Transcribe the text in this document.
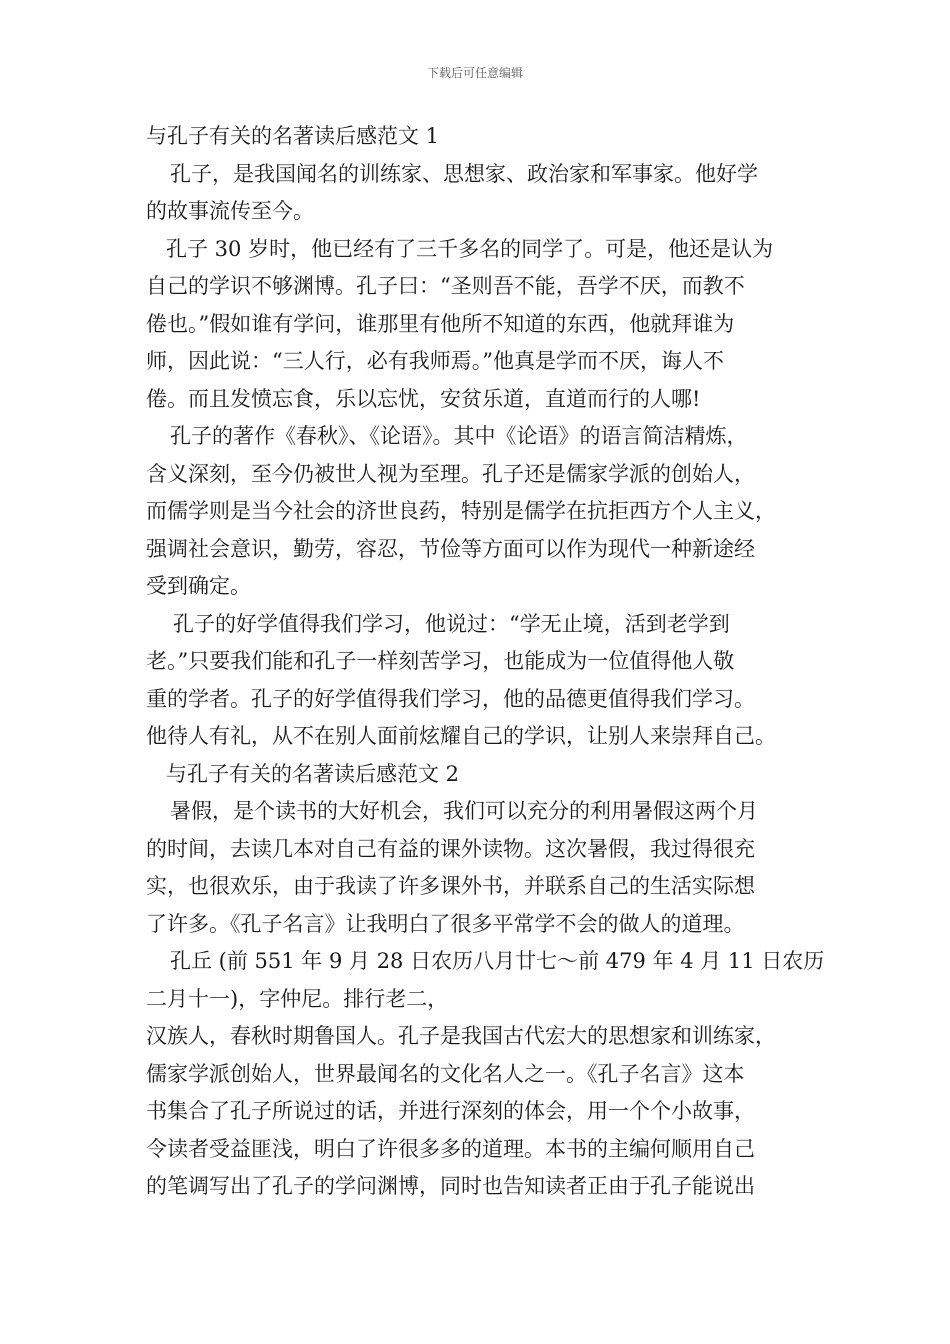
下载后可任意编辑
与孔子有关的名著读后感范文 1
孔子，是我国闻名的训练家、思想家、政治家和军事家。他好学
的故事流传至今。
孔子 30 岁时，他已经有了三千多名的同学了。可是，他还是认为
自己的学识不够渊博。孔子曰：“圣则吾不能，吾学不厌，而教不
倦也。”假如谁有学问，谁那里有他所不知道的东西，他就拜谁为
师，因此说：“三人行，必有我师焉。”他真是学而不厌，诲人不
倦。而且发愤忘食，乐以忘忧，安贫乐道，直道而行的人哪!
孔子的著作《春秋》、《论语》。其中《论语》的语言简洁精炼，
含义深刻，至今仍被世人视为至理。孔子还是儒家学派的创始人，
而儒学则是当今社会的济世良药，特别是儒学在抗拒西方个人主义，
强调社会意识，勤劳，容忍，节俭等方面可以作为现代一种新途经
受到确定。
孔子的好学值得我们学习，他说过：“学无止境，活到老学到
老。”只要我们能和孔子一样刻苦学习，也能成为一位值得他人敬
重的学者。孔子的好学值得我们学习，他的品德更值得我们学习。
他待人有礼，从不在别人面前炫耀自己的学识，让别人来崇拜自己。
与孔子有关的名著读后感范文 2
暑假，是个读书的大好机会，我们可以充分的利用暑假这两个月
的时间，去读几本对自己有益的课外读物。这次暑假，我过得很充
实，也很欢乐，由于我读了许多课外书，并联系自己的生活实际想
了许多。《孔子名言》让我明白了很多平常学不会的做人的道理。
孔丘 (前 551 年 9 月 28 日农历八月廿七～前 479 年 4 月 11 日农历
二月十一)，字仲尼。排行老二，
汉族人，春秋时期鲁国人。孔子是我国古代宏大的思想家和训练家，
儒家学派创始人，世界最闻名的文化名人之一。《孔子名言》这本
书集合了孔子所说过的话，并进行深刻的体会，用一个个小故事，
令读者受益匪浅，明白了许很多多的道理。本书的主编何顺用自己
的笔调写出了孔子的学问渊博，同时也告知读者正由于孔子能说出
